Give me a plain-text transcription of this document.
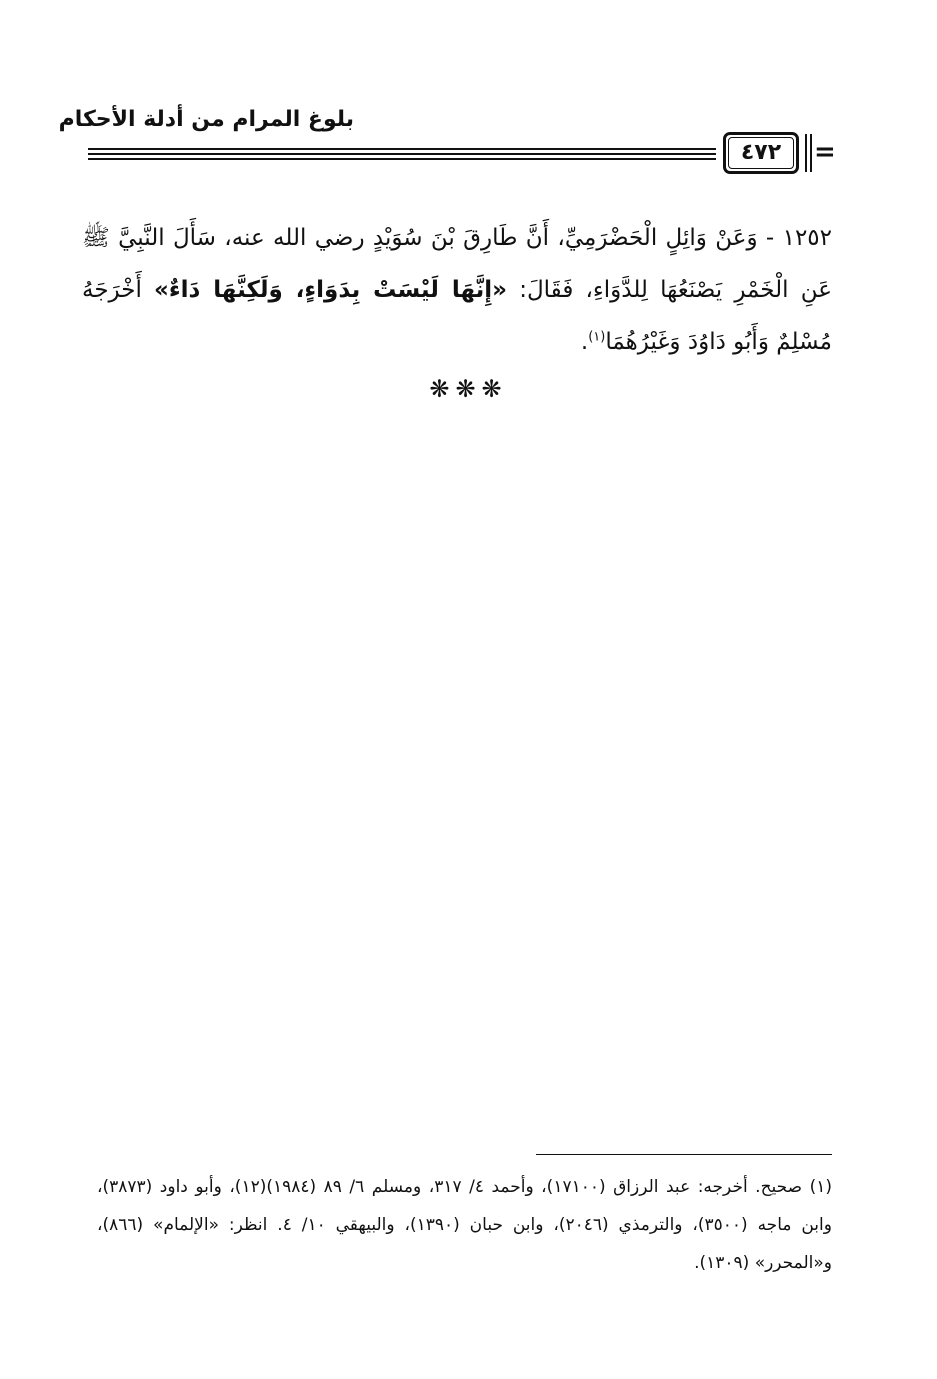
بلوغ المرام من أدلة الأحكام
٤٧٢	=
١٢٥٢ - وَعَنْ وَائِلٍ الْحَضْرَمِيِّ، أَنَّ طَارِقَ بْنَ سُوَيْدٍ رضي الله عنه، سَأَلَ النَّبِيَّ ﷺ عَنِ الْخَمْرِ يَصْنَعُهَا لِلدَّوَاءِ، فَقَالَ: «إِنَّهَا لَيْسَتْ بِدَوَاءٍ، وَلَكِنَّهَا دَاءٌ» أَخْرَجَهُ مُسْلِمٌ وَأَبُو دَاوُدَ وَغَيْرُهُمَا$^{(١)}$.
❋❋❋
(١) صحيح. أخرجه: عبد الرزاق (١٧١٠٠)، وأحمد ٤/ ٣١٧، ومسلم ٦/ ٨٩ (١٩٨٤)(١٢)، وأبو داود (٣٨٧٣)، وابن ماجه (٣٥٠٠)، والترمذي (٢٠٤٦)، وابن حبان (١٣٩٠)، والبيهقي ١٠/ ٤. انظر: «الإلمام» (٨٦٦)، و«المحرر» (١٣٠٩).
